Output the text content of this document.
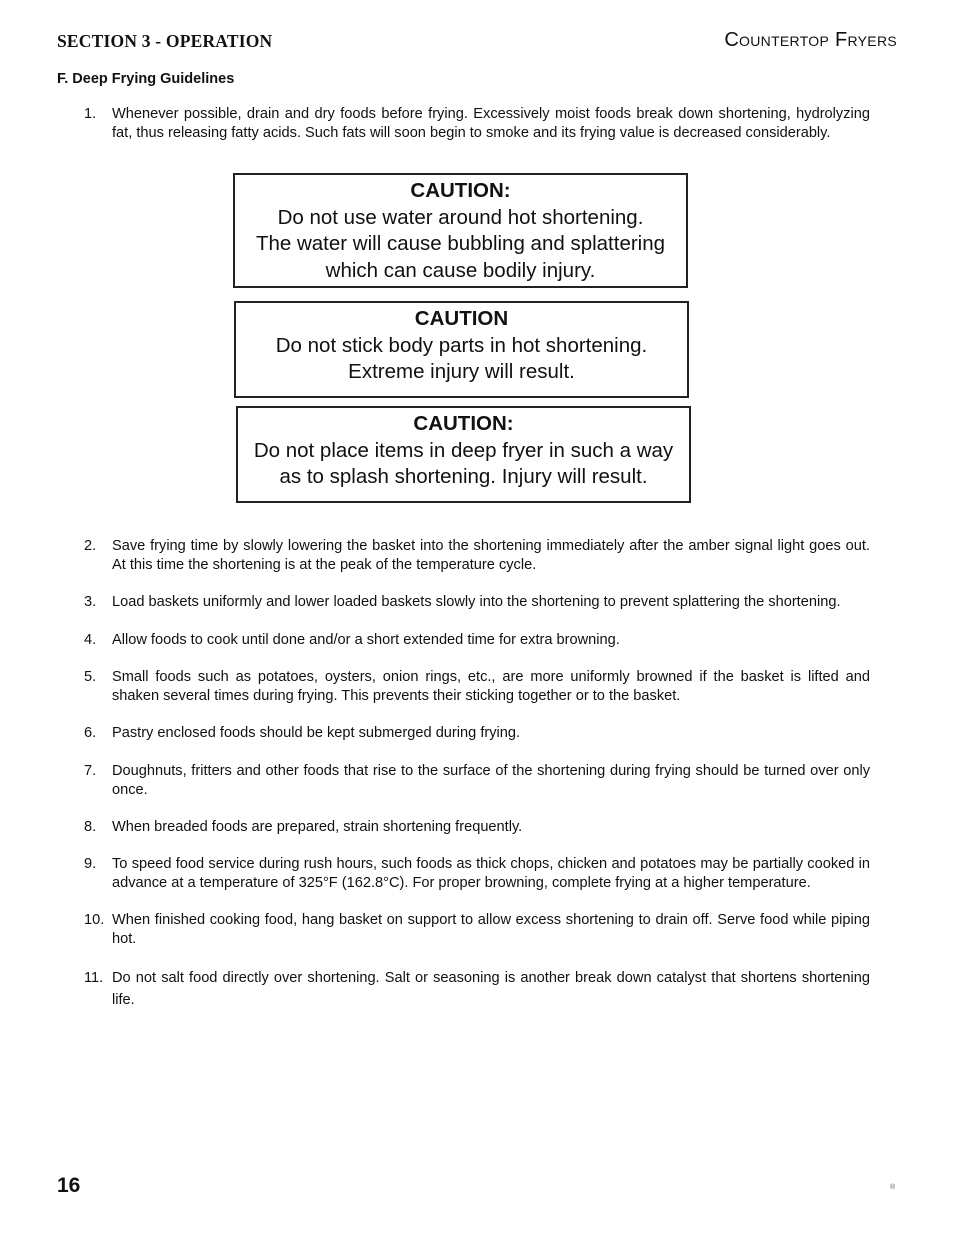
SECTION 3 - OPERATION	Countertop Fryers
F. Deep Frying Guidelines
1.	Whenever possible, drain and dry foods before frying. Excessively moist foods break down shortening, hydrolyzing fat, thus releasing fatty acids. Such fats will soon begin to smoke and its frying value is decreased considerably.
CAUTION:
Do not use water around hot shortening.
The water will cause bubbling and splattering
which can cause bodily injury.
CAUTION
Do not stick body parts in hot shortening.
Extreme injury will result.
CAUTION:
Do not place items in deep fryer in such a way
as to splash shortening. Injury will result.
2.	Save frying time by slowly lowering the basket into the shortening immediately after the amber signal light goes out. At this time the shortening is at the peak of the temperature cycle.
3.	Load baskets uniformly and lower loaded baskets slowly into the shortening to prevent splattering the shortening.
4.	Allow foods to cook until done and/or a short extended time for extra browning.
5.	Small foods such as potatoes, oysters, onion rings, etc., are more uniformly browned if the basket is lifted and shaken several times during frying. This prevents their sticking together or to the basket.
6.	Pastry enclosed foods should be kept submerged during frying.
7.	Doughnuts, fritters and other foods that rise to the surface of the shortening during frying should be turned over only once.
8.	When breaded foods are prepared, strain shortening frequently.
9.	To speed food service during rush hours, such foods as thick chops, chicken and potatoes may be partially cooked in advance at a temperature of 325°F (162.8°C). For proper browning, complete frying at a higher temperature.
10. When finished cooking food, hang basket on support to allow excess shortening to drain off. Serve food while piping hot.
11. Do not salt food directly over shortening. Salt or seasoning is another break down catalyst that shortens shortening life.
16	®
